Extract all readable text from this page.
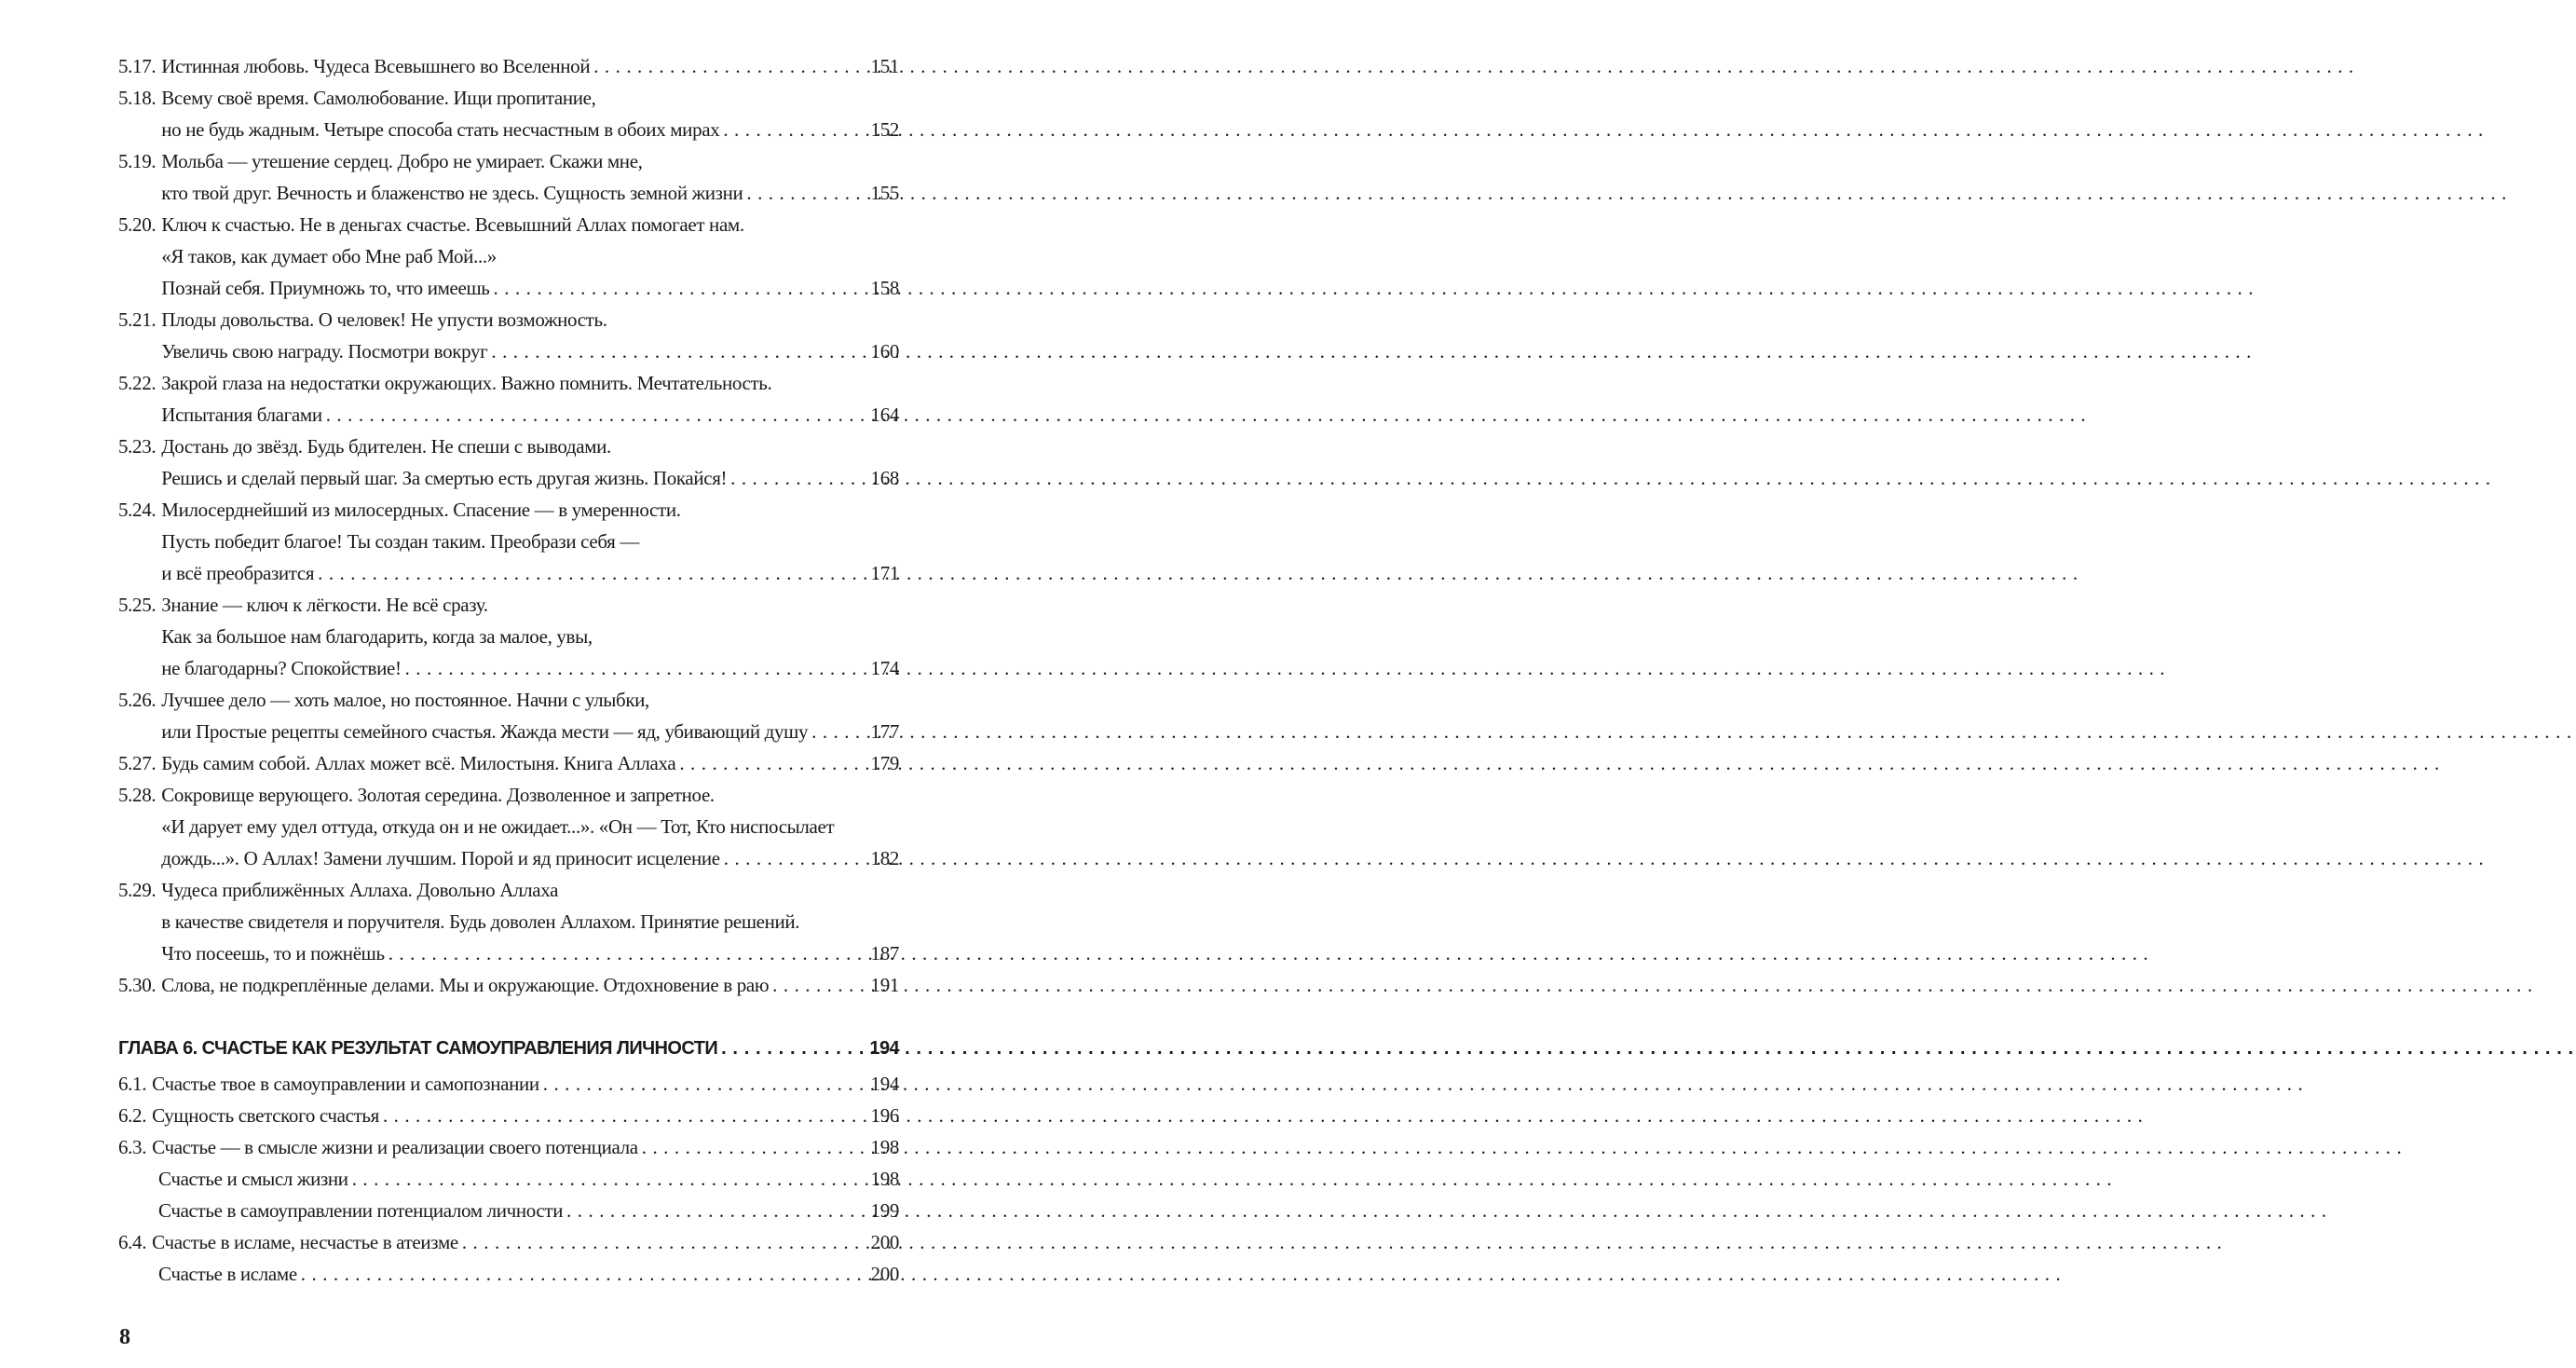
5.17. Истинная любовь. Чудеса Всевышнего во Вселенной . . .	151
5.18. Всему своё время. Самолюбование. Ищи пропитание,
но не будь жадным. Четыре способа стать несчастным в обоих мирах . . .	152
5.19. Мольба — утешение сердец. Добро не умирает. Скажи мне,
кто твой друг. Вечность и блаженство не здесь. Сущность земной жизни . . .	155
5.20. Ключ к счастью. Не в деньгах счастье. Всевышний Аллах помогает нам.
«Я таков, как думает обо Мне раб Мой...»
Познай себя. Приумножь то, что имеешь . . .	158
5.21. Плоды довольства. О человек! Не упусти возможность.
Увеличь свою награду. Посмотри вокруг . . .	160
5.22. Закрой глаза на недостатки окружающих. Важно помнить. Мечтательность.
Испытания благами . . .	164
5.23. Достань до звёзд. Будь бдителен. Не спеши с выводами.
Решись и сделай первый шаг. За смертью есть другая жизнь. Покайся! . . .	168
5.24. Милосерднейший из милосердных. Спасение — в умеренности.
Пусть победит благое! Ты создан таким. Преобрази себя —
и всё преобразится . . .	171
5.25. Знание — ключ к лёгкости. Не всё сразу.
Как за большое нам благодарить, когда за малое, увы,
не благодарны? Спокойствие! . . .	174
5.26. Лучшее дело — хоть малое, но постоянное. Начни с улыбки,
или Простые рецепты семейного счастья. Жажда мести — яд, убивающий душу . . .	177
5.27. Будь самим собой. Аллах может всё. Милостыня. Книга Аллаха . . .	179
5.28. Сокровище верующего. Золотая середина. Дозволенное и запретное.
«И дарует ему удел оттуда, откуда он и не ожидает...». «Он — Тот, Кто ниспосылает
дождь...». О Аллах! Замени лучшим. Порой и яд приносит исцеление . . .	182
5.29. Чудеса приближённых Аллаха. Довольно Аллаха
в качестве свидетеля и поручителя. Будь доволен Аллахом. Принятие решений.
Что посеешь, то и пожнёшь . . .	187
5.30. Слова, не подкреплённые делами. Мы и окружающие. Отдохновение в раю . . .	191
ГЛАВА 6. СЧАСТЬЕ КАК РЕЗУЛЬТАТ САМОУПРАВЛЕНИЯ ЛИЧНОСТИ . . .	194
6.1. Счастье твое в самоуправлении и самопознании . . .	194
6.2. Сущность светского счастья . . .	196
6.3. Счастье — в смысле жизни и реализации своего потенциала . . .	198
Счастье и смысл жизни . . .	198
Счастье в самоуправлении потенциалом личности . . .	199
6.4. Счастье в исламе, несчастье в атеизме . . .	200
Счастье в исламе . . .	200
8
